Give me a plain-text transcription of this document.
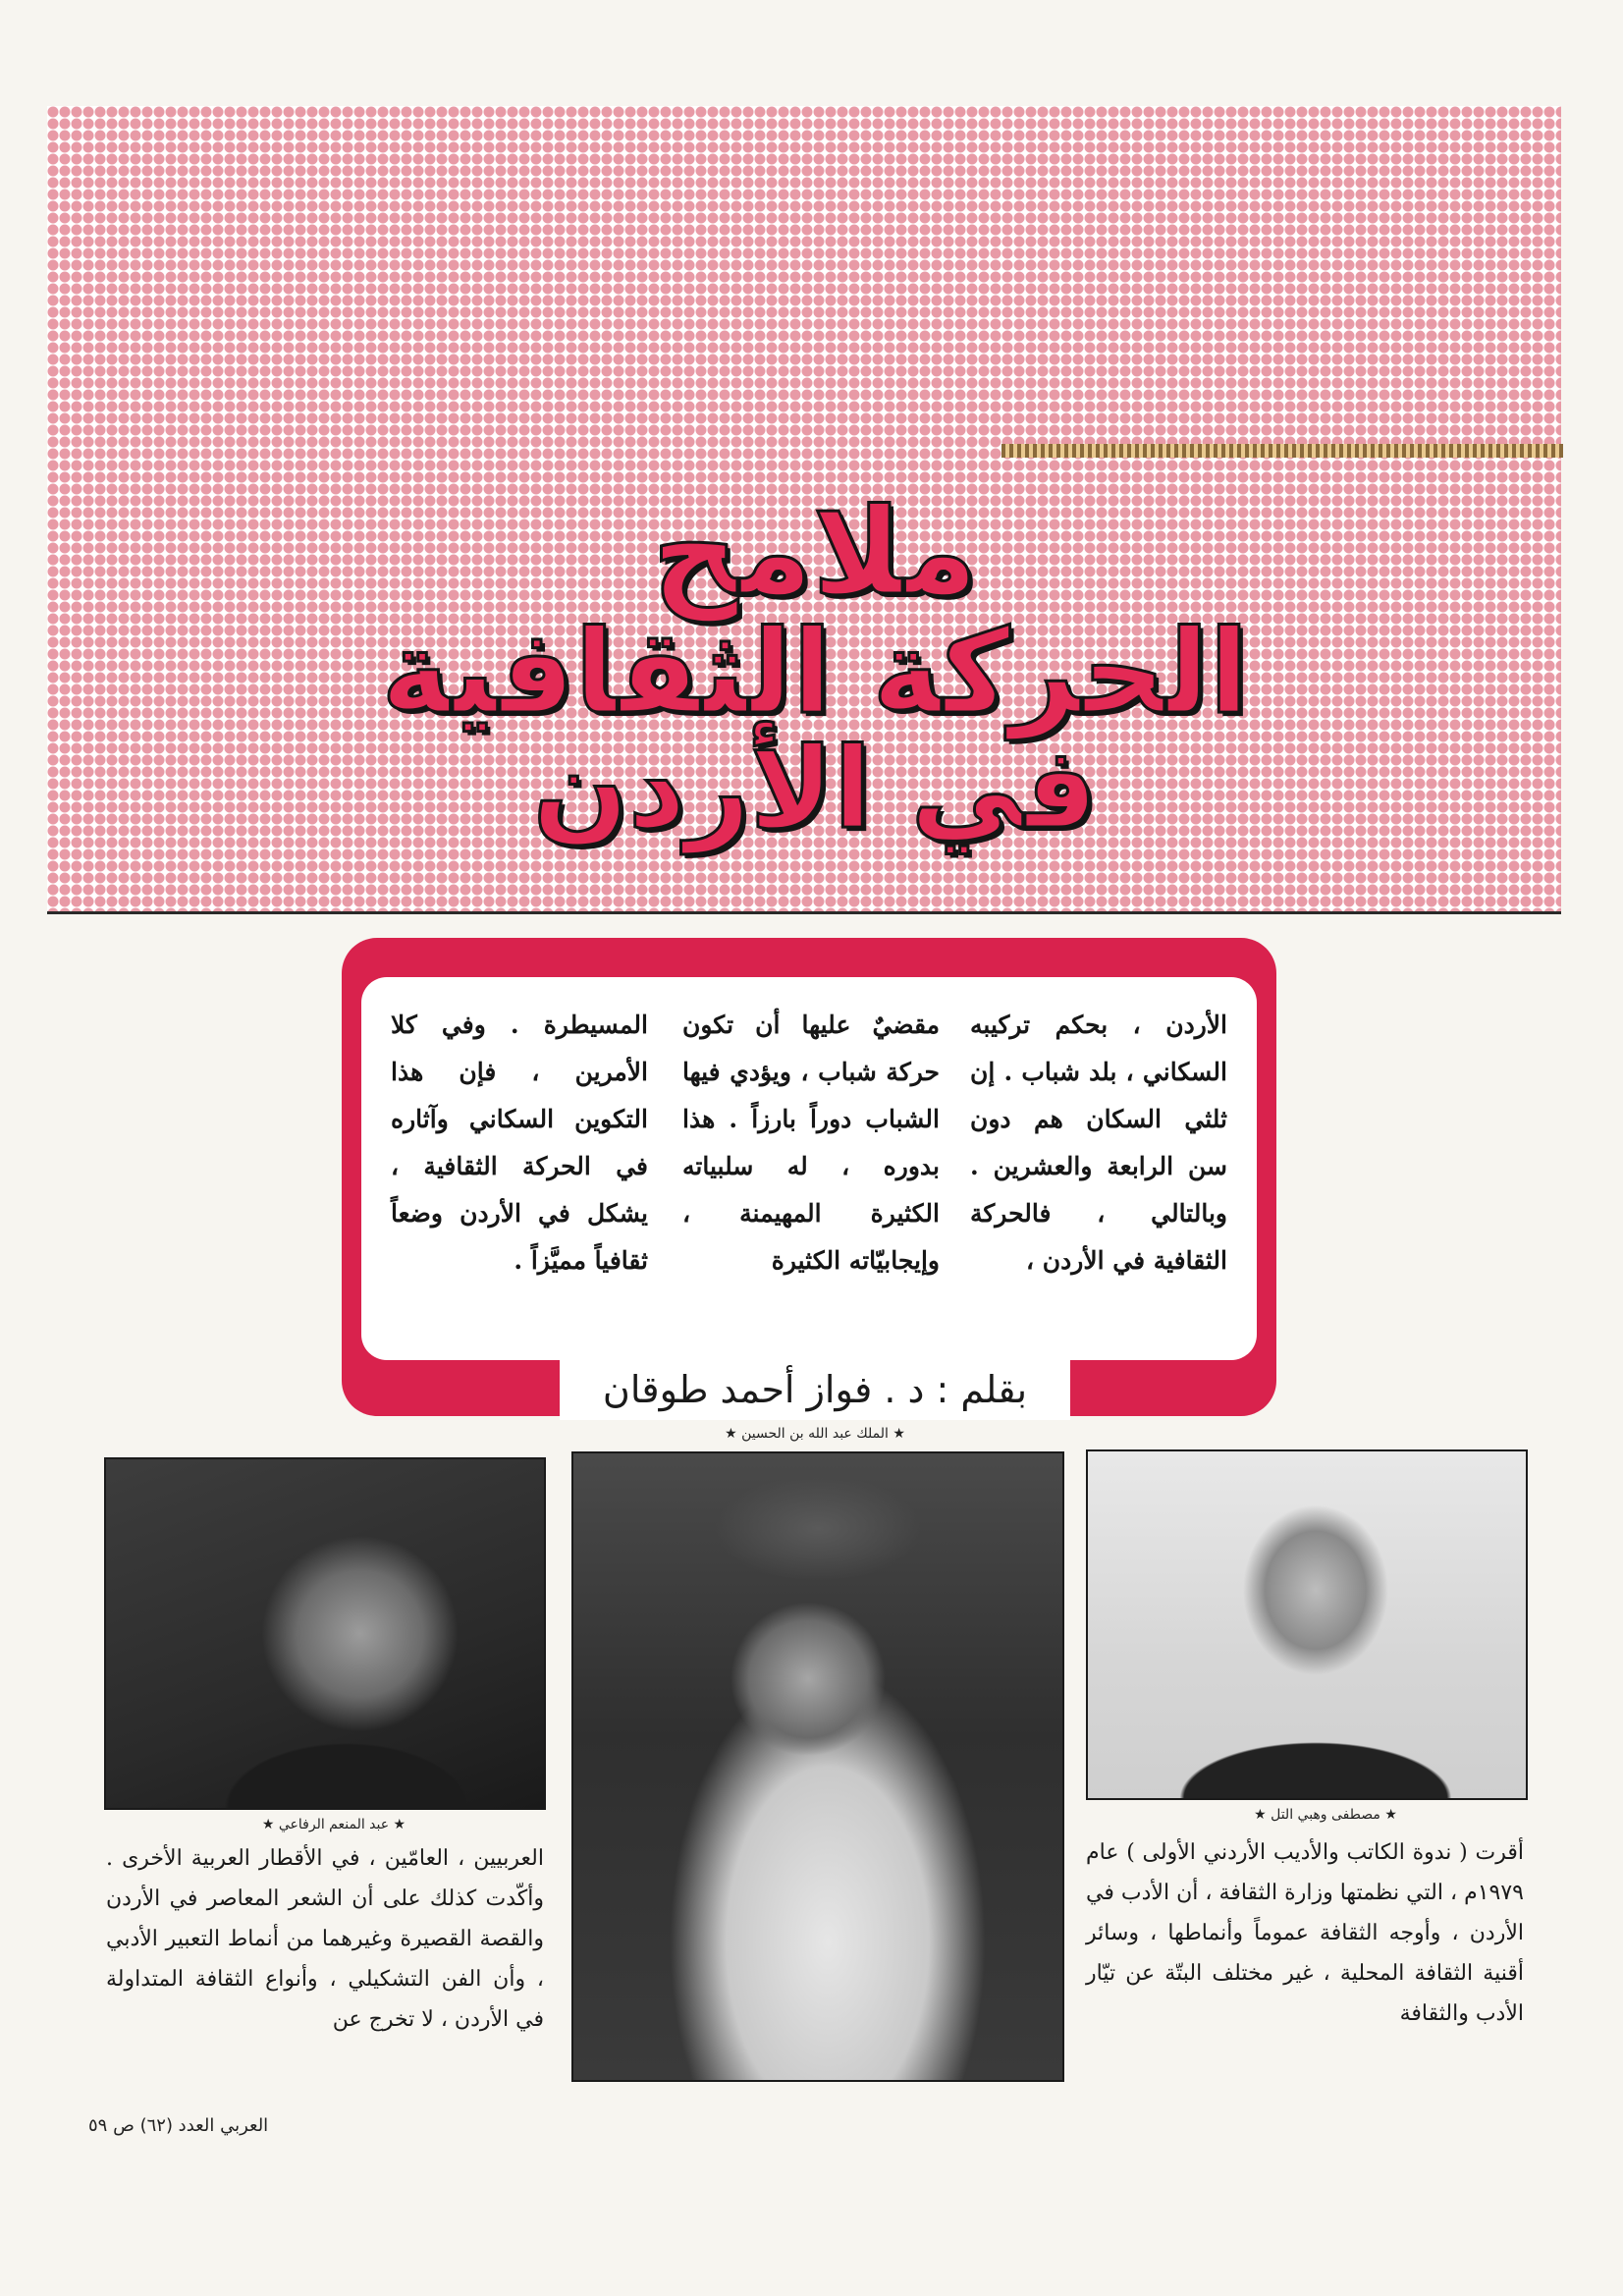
ملامح
الحركة الثقافية
في الأردن
الأردن ، بحكم تركيبه السكاني ، بلد شباب . إن ثلثي السكان هم دون سن الرابعة والعشرين . وبالتالي ، فالحركة الثقافية في الأردن ،
مقضيٌ عليها أن تكون حركة شباب ، ويؤدي فيها الشباب دوراً بارزاً . هذا بدوره ، له سلبياته الكثيرة المهيمنة ، وإيجابيّاته الكثيرة
المسيطرة . وفي كلا الأمرين ، فإن هذا التكوين السكاني وآثاره في الحركة الثقافية ، يشكل في الأردن وضعاً ثقافياً مميَّزاً .
بقلم : د . فواز أحمد طوقان
★ الملك عبد الله بن الحسين ★
★ عبد المنعم الرفاعي ★
★ مصطفى وهبي التل ★
أقرت ( ندوة الكاتب والأديب الأردني الأولى ) عام ١٩٧٩م ، التي نظمتها وزارة الثقافة ، أن الأدب في الأردن ، وأوجه الثقافة عموماً وأنماطها ، وسائر أقنية الثقافة المحلية ، غير مختلف البتّة عن تيّار الأدب والثقافة
العربيين ، العامّين ، في الأقطار العربية الأخرى . وأكّدت كذلك على أن الشعر المعاصر في الأردن والقصة القصيرة وغيرهما من أنماط التعبير الأدبي ، وأن الفن التشكيلي ، وأنواع الثقافة المتداولة في الأردن ، لا تخرج عن
العربي العدد (٦٢) ص ٥٩
